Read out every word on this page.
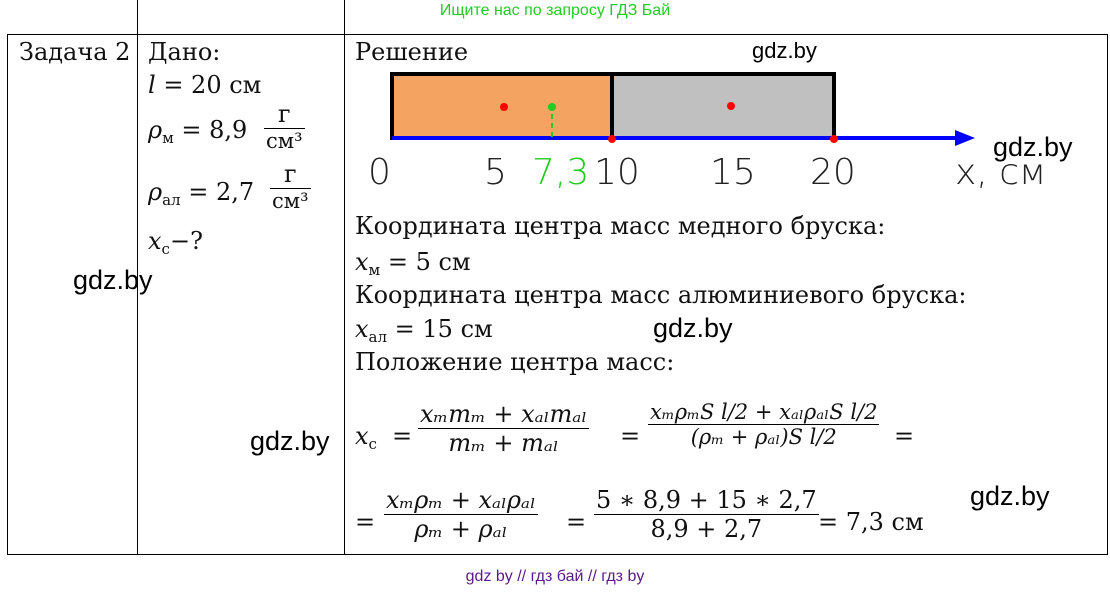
Ищите нас по запросу ГДЗ Бай
Задача 2 Дано:
l = 20 см
$\rho_м = 8,9$
г
см³
$\rho_{ал} = 2,7$
г
см³
$x_c-$?
Решение
0	5 7,3 10 15 20	x, см
Координата центра масс медного бруска:
$x_м = 5$ см
Координата центра масс алюминиевого бруска:
$x_{ал} = 15$ см
Положение центра масс:
$x_c$ =
xₘmₘ + xₐₗmₐₗ
mₘ + mₐₗ	=
xₘρₘS l/2 + xₐₗρₐₗS l/2
(ρₘ + ρₐₗ)S l/2 =
=
xₘρₘ + xₐₗρₐₗ
ρₘ + ρₐₗ =
5 ∗ 8,9 + 15 ∗ 2,7
8,9 + 2,7 = 7,3 см
gdz.by
gdz.by
gdz.by
gdz.by
gdz.by
gdz.by
gdz by // гдз бай // гдз by
